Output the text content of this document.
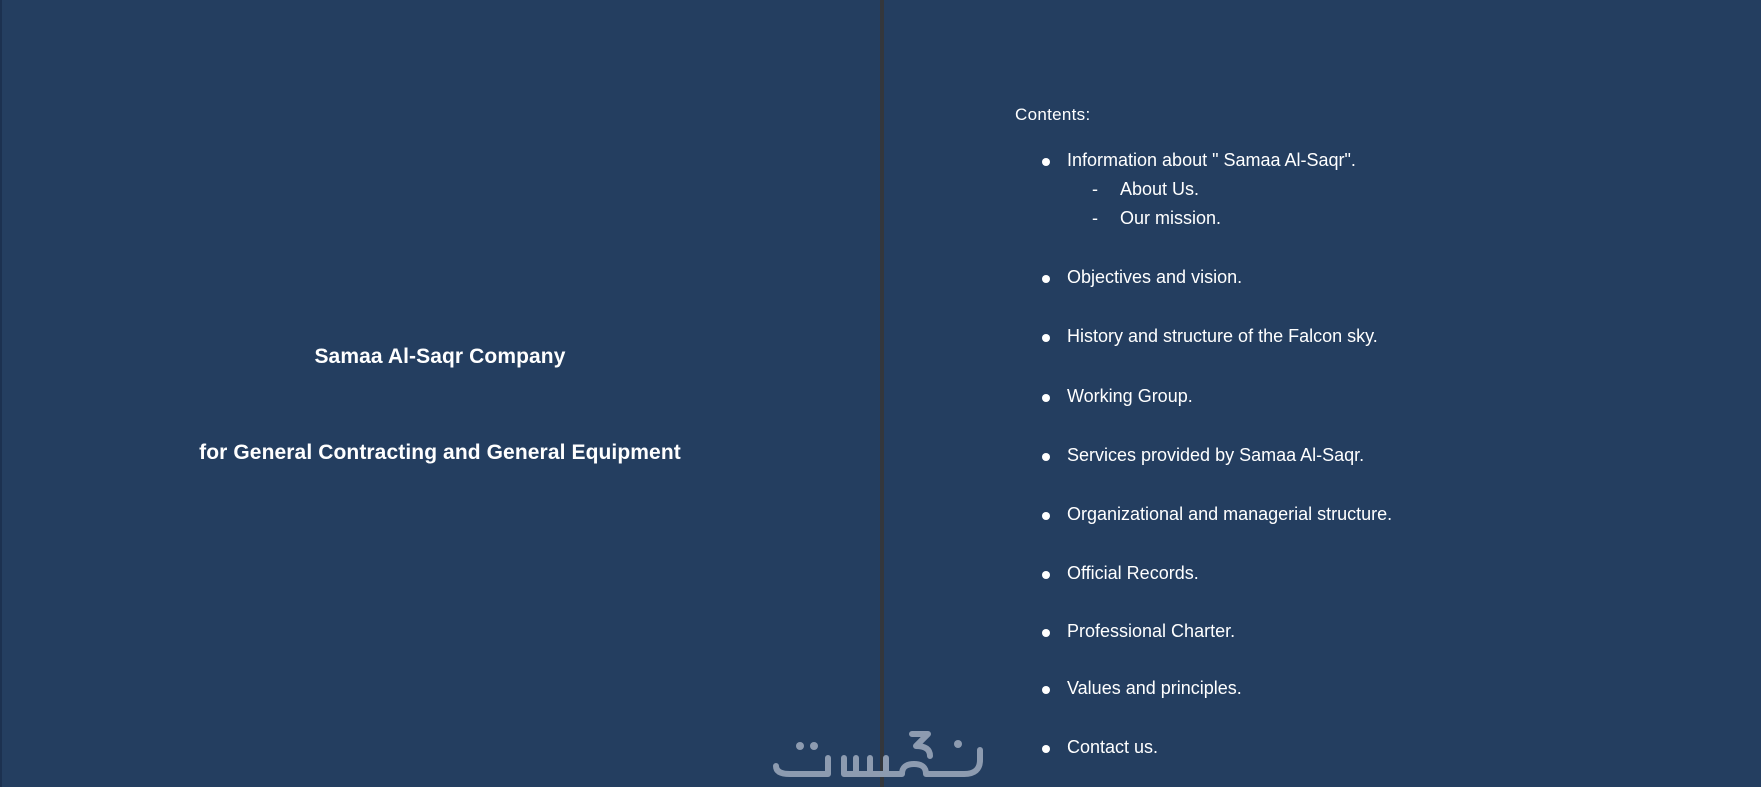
Samaa Al-Saqr Company
for General Contracting and General Equipment

Contents:

Information about " Samaa Al-Saqr".
- About Us.
- Our mission.
Objectives and vision.
History and structure of the Falcon sky.
Working Group.
Services provided by Samaa Al-Saqr.
Organizational and managerial structure.
Official Records.
Professional Charter.
Values and principles.
Contact us.
